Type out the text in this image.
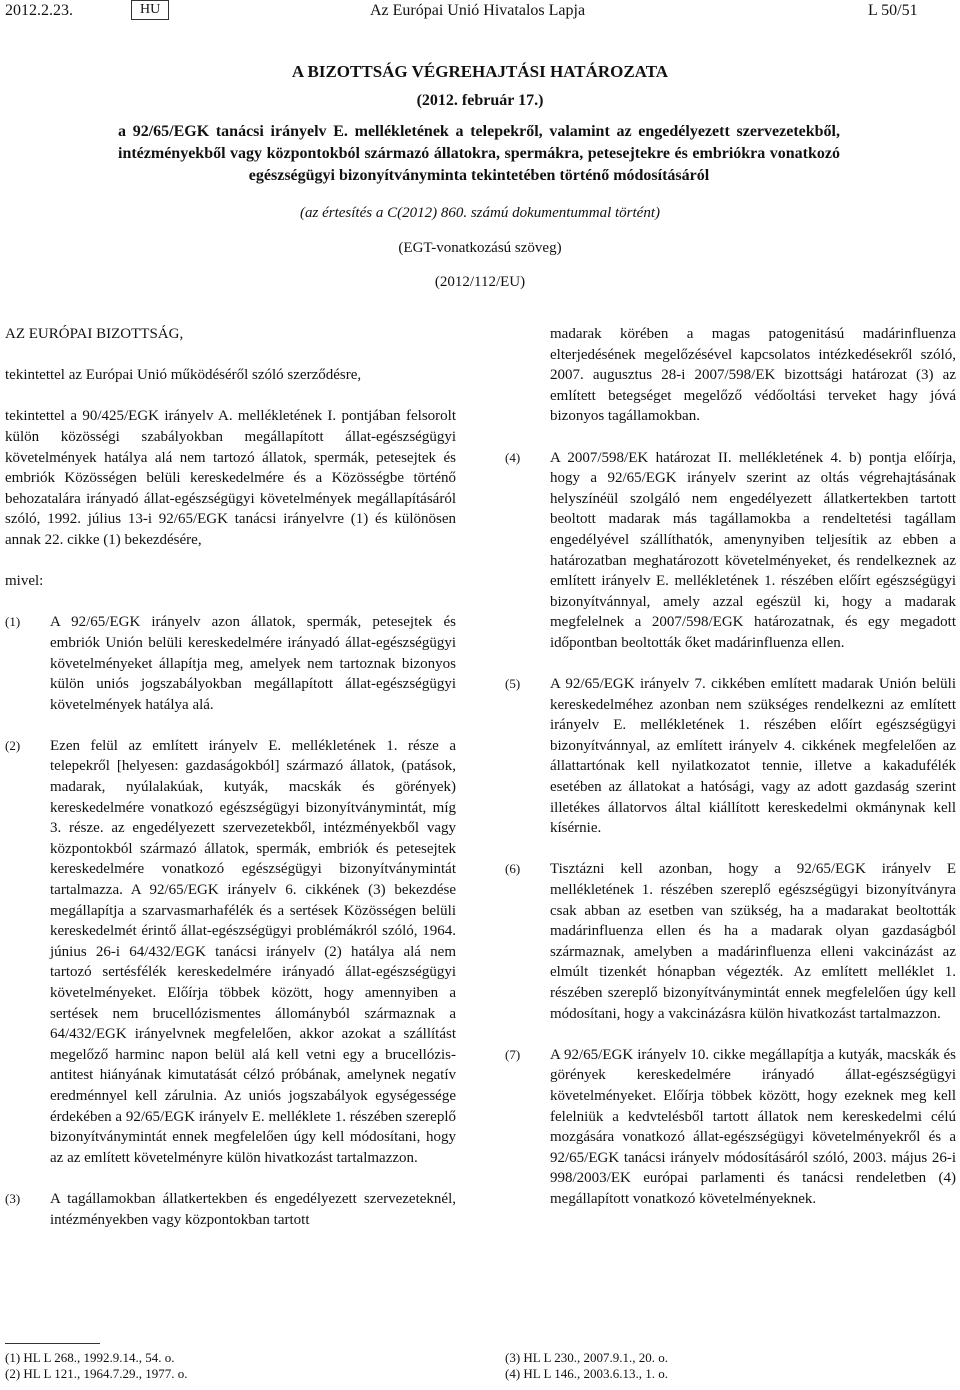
2012.2.23.	HU	Az Európai Unió Hivatalos Lapja	L 50/51

A BIZOTTSÁG VÉGREHAJTÁSI HATÁROZATA

(2012. február 17.)

a 92/65/EGK tanácsi irányelv E. mellékletének a telepekről, valamint az engedélyezett szervezetekből, intézményekből vagy központokból származó állatokra, spermákra, petesejtekre és embriókra vonatkozó egészségügyi bizonyítványminta tekintetében történő módosításáról

(az értesítés a C(2012) 860. számú dokumentummal történt)

(EGT-vonatkozású szöveg)

(2012/112/EU)

AZ EURÓPAI BIZOTTSÁG,

tekintettel az Európai Unió működéséről szóló szerződésre,

tekintettel a 90/425/EGK irányelv A. mellékletének I. pontjában felsorolt külön közösségi szabályokban megállapított állat-egészségügyi követelmények hatálya alá nem tartozó állatok, spermák, petesejtek és embriók Közösségen belüli kereskedelmére és a Közösségbe történő behozatalára irányadó állat-egészségügyi követelmények megállapításáról szóló, 1992. július 13-i 92/65/EGK tanácsi irányelvre (1) és különösen annak 22. cikke (1) bekezdésére,

mivel:

(1) A 92/65/EGK irányelv azon állatok, spermák, petesejtek és embriók Unión belüli kereskedelmére irányadó állat-egészségügyi követelményeket állapítja meg, amelyek nem tartoznak bizonyos külön uniós jogszabályokban megállapított állat-egészségügyi követelmények hatálya alá.
(2) Ezen felül az említett irányelv E. mellékletének 1. része a telepekről [helyesen: gazdaságokból] származó állatok, (patások, madarak, nyúlalakúak, kutyák, macskák és görények) kereskedelmére vonatkozó egészségügyi bizonyítványmintát, míg 3. része. az engedélyezett szervezetekből, intézményekből vagy központokból származó állatok, spermák, embriók és petesejtek kereskedelmére vonatkozó egészségügyi bizonyítványmintát tartalmazza. A 92/65/EGK irányelv 6. cikkének (3) bekezdése megállapítja a szarvasmarhafélék és a sertések Közösségen belüli kereskedelmét érintő állat-egészségügyi problémákról szóló, 1964. június 26-i 64/432/EGK tanácsi irányelv (2) hatálya alá nem tartozó sertésfélék kereskedelmére irányadó állat-egészségügyi követelményeket. Előírja többek között, hogy amennyiben a sertések nem brucellózismentes állományból származnak a 64/432/EGK irányelvnek megfelelően, akkor azokat a szállítást megelőző harminc napon belül alá kell vetni egy a brucellózis-antitest hiányának kimutatását célzó próbának, amelynek negatív eredménnyel kell zárulnia. Az uniós jogszabályok egységessége érdekében a 92/65/EGK irányelv E. melléklete 1. részében szereplő bizonyítványmintát ennek megfelelően úgy kell módosítani, hogy az az említett követelményre külön hivatkozást tartalmazzon.
(3) A tagállamokban állatkertekben és engedélyezett szervezeteknél, intézményekben vagy központokban tartott
madarak körében a magas patogenitású madárinfluenza elterjedésének megelőzésével kapcsolatos intézkedésekről szóló, 2007. augusztus 28-i 2007/598/EK bizottsági határozat (3) az említett betegséget megelőző védőoltási terveket hagy jóvá bizonyos tagállamokban.
(4) A 2007/598/EK határozat II. mellékletének 4. b) pontja előírja, hogy a 92/65/EGK irányelv szerint az oltás végrehajtásának helyszínéül szolgáló nem engedélyezett állatkertekben tartott beoltott madarak más tagállamokba a rendeltetési tagállam engedélyével szállíthatók, amenynyiben teljesítik az ebben a határozatban meghatározott követelményeket, és rendelkeznek az említett irányelv E. mellékletének 1. részében előírt egészségügyi bizonyítvánnyal, amely azzal egészül ki, hogy a madarak megfelelnek a 2007/598/EGK határozatnak, és egy megadott időpontban beoltották őket madárinfluenza ellen.
(5) A 92/65/EGK irányelv 7. cikkében említett madarak Unión belüli kereskedelméhez azonban nem szükséges rendelkezni az említett irányelv E. mellékletének 1. részében előírt egészségügyi bizonyítvánnyal, az említett irányelv 4. cikkének megfelelően az állattartónak kell nyilatkozatot tennie, illetve a kakadufélék esetében az állatokat a hatósági, vagy az adott gazdaság szerint illetékes állatorvos által kiállított kereskedelmi okmánynak kell kísérnie.
(6) Tisztázni kell azonban, hogy a 92/65/EGK irányelv E mellékletének 1. részében szereplő egészségügyi bizonyítványra csak abban az esetben van szükség, ha a madarakat beoltották madárinfluenza ellen és ha a madarak olyan gazdaságból származnak, amelyben a madárinfluenza elleni vakcinázást az elmúlt tizenkét hónapban végezték. Az említett melléklet 1. részében szereplő bizonyítványmintát ennek megfelelően úgy kell módosítani, hogy a vakcinázásra külön hivatkozást tartalmazzon.
(7) A 92/65/EGK irányelv 10. cikke megállapítja a kutyák, macskák és görények kereskedelmére irányadó állat-egészségügyi követelményeket. Előírja többek között, hogy ezeknek meg kell felelniük a kedvtelésből tartott állatok nem kereskedelmi célú mozgására vonatkozó állat-egészségügyi követelményekről és a 92/65/EGK tanácsi irányelv módosításáról szóló, 2003. május 26-i 998/2003/EK európai parlamenti és tanácsi rendeletben (4) megállapított vonatkozó követelményeknek.
(1) HL L 268., 1992.9.14., 54. o.
(2) HL L 121., 1964.7.29., 1977. o.
(3) HL L 230., 2007.9.1., 20. o.
(4) HL L 146., 2003.6.13., 1. o.
